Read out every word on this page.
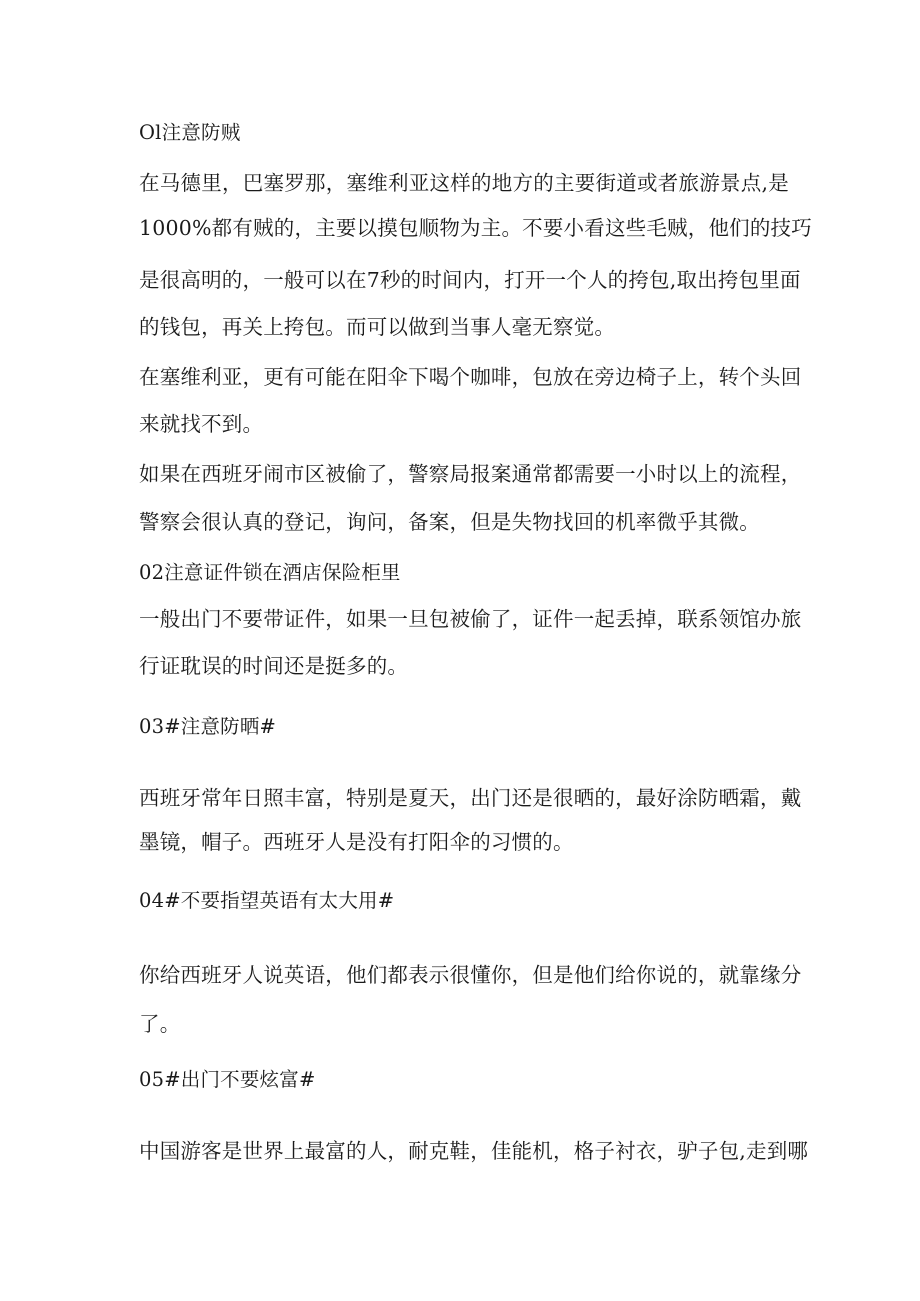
Ol注意防贼
在马德里，巴塞罗那，塞维利亚这样的地方的主要街道或者旅游景点,是
1000%都有贼的，主要以摸包顺物为主。不要小看这些毛贼，他们的技巧
是很高明的，一般可以在7秒的时间内，打开一个人的挎包,取出挎包里面
的钱包，再关上挎包。而可以做到当事人毫无察觉。
在塞维利亚，更有可能在阳伞下喝个咖啡，包放在旁边椅子上，转个头回
来就找不到。
如果在西班牙闹市区被偷了，警察局报案通常都需要一小时以上的流程，
警察会很认真的登记，询问，备案，但是失物找回的机率微乎其微。
02注意证件锁在酒店保险柜里
一般出门不要带证件，如果一旦包被偷了，证件一起丢掉，联系领馆办旅
行证耽误的时间还是挺多的。
03#注意防晒#
西班牙常年日照丰富，特别是夏天，出门还是很晒的，最好涂防晒霜，戴
墨镜，帽子。西班牙人是没有打阳伞的习惯的。
04#不要指望英语有太大用#
你给西班牙人说英语，他们都表示很懂你，但是他们给你说的，就靠缘分
了。
05#出门不要炫富#
中国游客是世界上最富的人，耐克鞋，佳能机，格子衬衣，驴子包,走到哪
